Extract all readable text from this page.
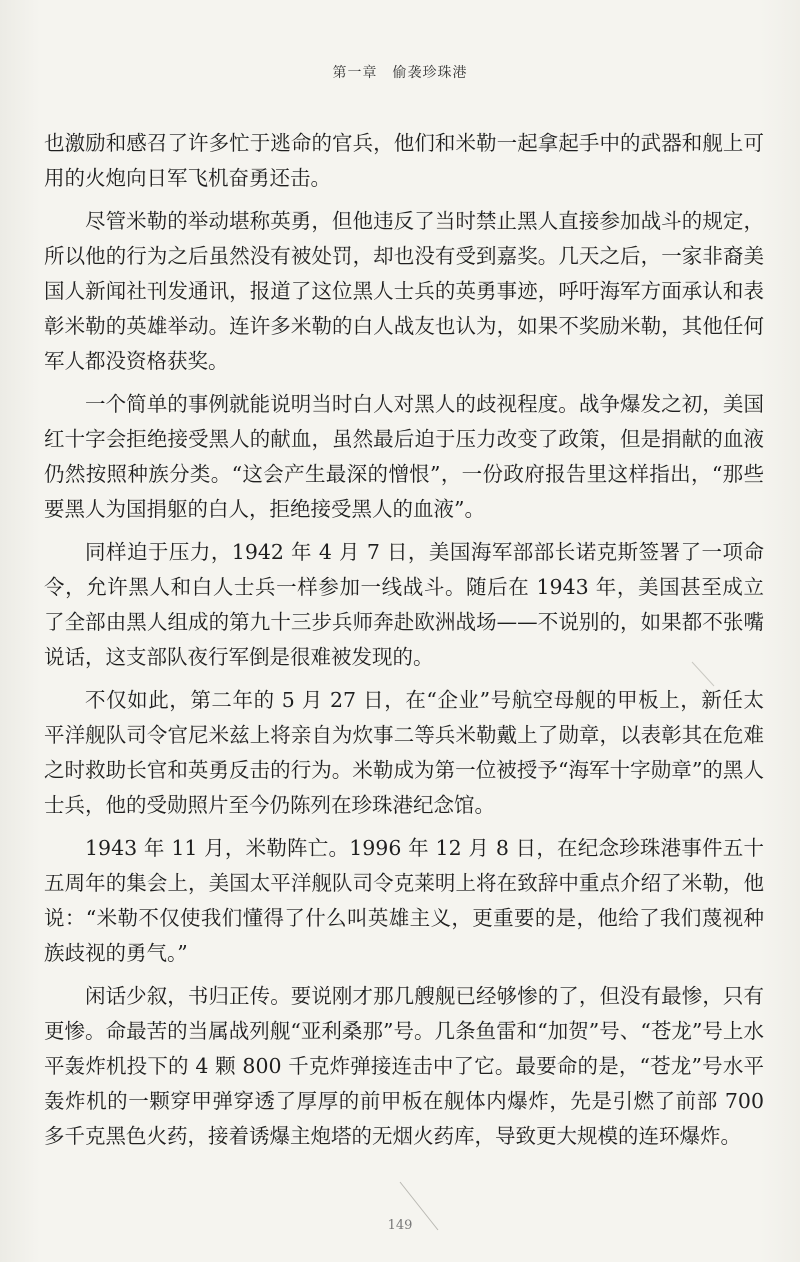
第一章　偷袭珍珠港

也激励和感召了许多忙于逃命的官兵，他们和米勒一起拿起手中的武器和舰上可用的火炮向日军飞机奋勇还击。

尽管米勒的举动堪称英勇，但他违反了当时禁止黑人直接参加战斗的规定，所以他的行为之后虽然没有被处罚，却也没有受到嘉奖。几天之后，一家非裔美国人新闻社刊发通讯，报道了这位黑人士兵的英勇事迹，呼吁海军方面承认和表彰米勒的英雄举动。连许多米勒的白人战友也认为，如果不奖励米勒，其他任何军人都没资格获奖。

一个简单的事例就能说明当时白人对黑人的歧视程度。战争爆发之初，美国红十字会拒绝接受黑人的献血，虽然最后迫于压力改变了政策，但是捐献的血液仍然按照种族分类。“这会产生最深的憎恨”，一份政府报告里这样指出，“那些要黑人为国捐躯的白人，拒绝接受黑人的血液”。

同样迫于压力，1942 年 4 月 7 日，美国海军部部长诺克斯签署了一项命令，允许黑人和白人士兵一样参加一线战斗。随后在 1943 年，美国甚至成立了全部由黑人组成的第九十三步兵师奔赴欧洲战场——不说别的，如果都不张嘴说话，这支部队夜行军倒是很难被发现的。

不仅如此，第二年的 5 月 27 日，在“企业”号航空母舰的甲板上，新任太平洋舰队司令官尼米兹上将亲自为炊事二等兵米勒戴上了勋章，以表彰其在危难之时救助长官和英勇反击的行为。米勒成为第一位被授予“海军十字勋章”的黑人士兵，他的受勋照片至今仍陈列在珍珠港纪念馆。

1943 年 11 月，米勒阵亡。1996 年 12 月 8 日，在纪念珍珠港事件五十五周年的集会上，美国太平洋舰队司令克莱明上将在致辞中重点介绍了米勒，他说：“米勒不仅使我们懂得了什么叫英雄主义，更重要的是，他给了我们蔑视种族歧视的勇气。”

闲话少叙，书归正传。要说刚才那几艘舰已经够惨的了，但没有最惨，只有更惨。命最苦的当属战列舰“亚利桑那”号。几条鱼雷和“加贺”号、“苍龙”号上水平轰炸机投下的 4 颗 800 千克炸弹接连击中了它。最要命的是，“苍龙”号水平轰炸机的一颗穿甲弹穿透了厚厚的前甲板在舰体内爆炸，先是引燃了前部 700 多千克黑色火药，接着诱爆主炮塔的无烟火药库，导致更大规模的连环爆炸。

149
